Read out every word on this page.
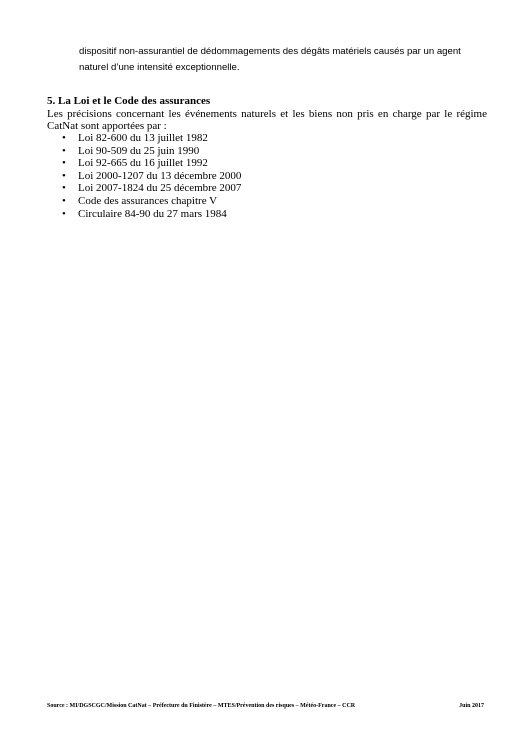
dispositif non-assurantiel de dédommagements des dégâts matériels causés par un agent
naturel d’une intensité exceptionnelle.
5. La Loi et le Code des assurances

Les précisions concernant les événements naturels et les biens non pris en charge par le régime
CatNat sont apportées par :

• Loi 82-600 du 13 juillet 1982
• Loi 90-509 du 25 juin 1990
• Loi 92-665 du 16 juillet 1992
• Loi 2000-1207 du 13 décembre 2000
• Loi 2007-1824 du 25 décembre 2007
• Code des assurances chapitre V
• Circulaire 84-90 du 27 mars 1984
Source : MI/DGSCGC/Mission CatNat – Préfecture du Finistère – MTES/Prévention des risques – Météo-France – CCR	Juin 2017
